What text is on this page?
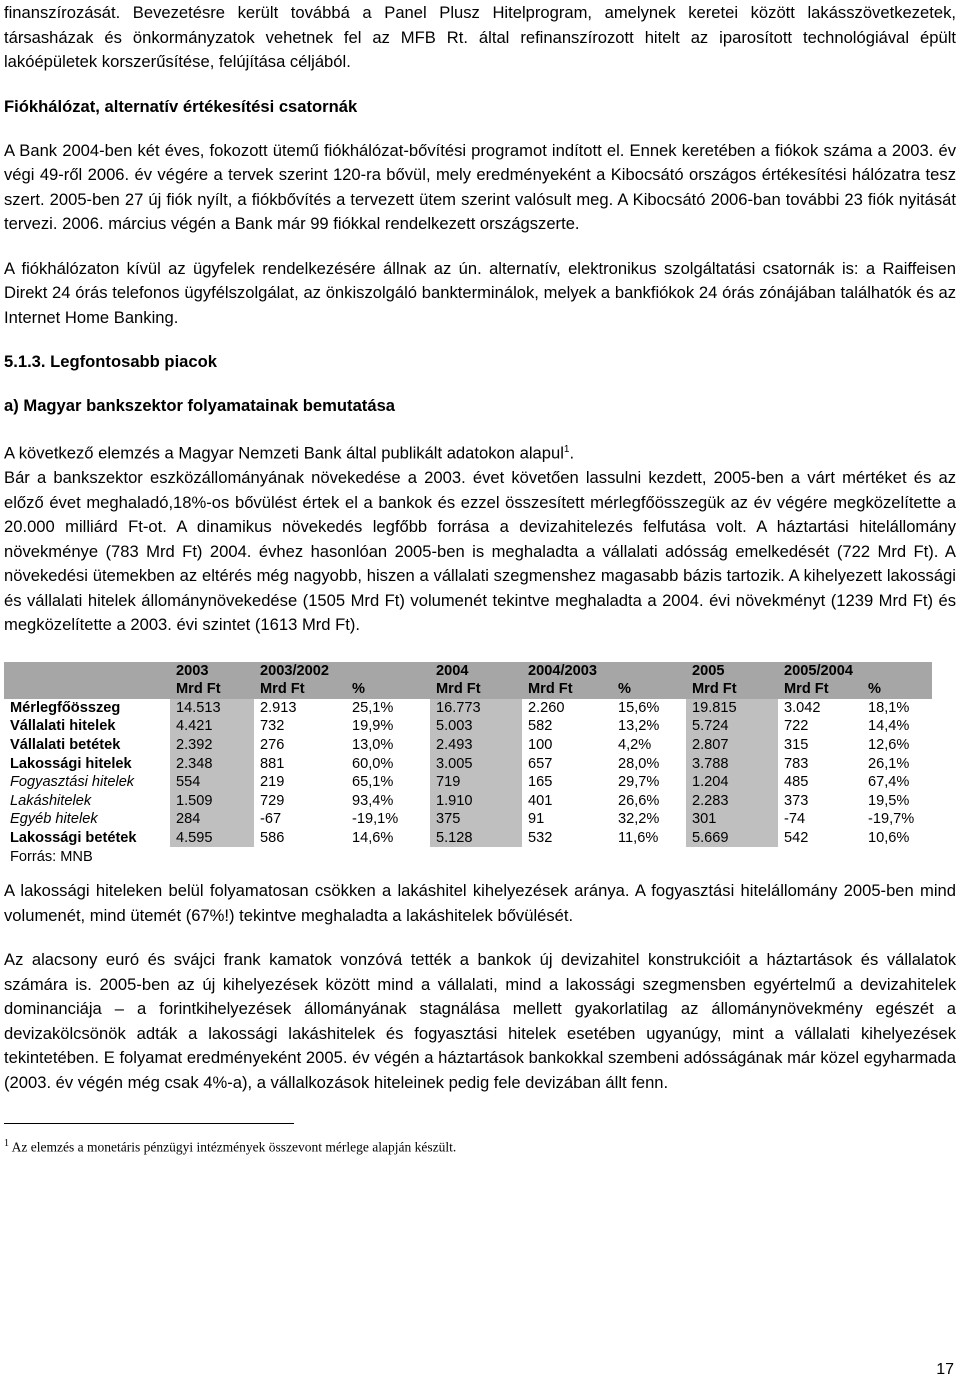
finanszírozását. Bevezetésre került továbbá a Panel Plusz Hitelprogram, amelynek keretei között lakásszövetkezetek, társasházak és önkormányzatok vehetnek fel az MFB Rt. által refinanszírozott hitelt az iparosított technológiával épült lakóépületek korszerűsítése, felújítása céljából.

Fiókhálózat, alternatív értékesítési csatornák

A Bank 2004-ben két éves, fokozott ütemű fiókhálózat-bővítési programot indított el. Ennek keretében a fiókok száma a 2003. év végi 49-ről 2006. év végére a tervek szerint 120-ra bővül, mely eredményeként a Kibocsátó országos értékesítési hálózatra tesz szert. 2005-ben 27 új fiók nyílt, a fiókbővítés a tervezett ütem szerint valósult meg. A Kibocsátó 2006-ban további 23 fiók nyitását tervezi. 2006. március végén a Bank már 99 fiókkal rendelkezett országszerte.

A fiókhálózaton kívül az ügyfelek rendelkezésére állnak az ún. alternatív, elektronikus szolgáltatási csatornák is: a Raiffeisen Direkt 24 órás telefonos ügyfélszolgálat, az önkiszolgáló bankterminálok, melyek a bankfiókok 24 órás zónájában találhatók és az Internet Home Banking.

5.1.3. Legfontosabb piacok
a) Magyar bankszektor folyamatainak bemutatása

A következő elemzés a Magyar Nemzeti Bank által publikált adatokon alapul$^1$.

Bár a bankszektor eszközállományának növekedése a 2003. évet követően lassulni kezdett, 2005-ben a várt mértéket és az előző évet meghaladó,18%-os bővülést értek el a bankok és ezzel összesített mérlegfőösszegük az év végére megközelítette a 20.000 milliárd Ft-ot. A dinamikus növekedés legfőbb forrása a devizahitelezés felfutása volt. A háztartási hitelállomány növekménye (783 Mrd Ft) 2004. évhez hasonlóan 2005-ben is meghaladta a vállalati adósság emelkedését (722 Mrd Ft). A növekedési ütemekben az eltérés még nagyobb, hiszen a vállalati szegmenshez magasabb bázis tartozik. A kihelyezett lakossági és vállalati hitelek állománynövekedése (1505 Mrd Ft) volumenét tekintve meghaladta a 2004. évi növekményt (1239 Mrd Ft) és megközelítette a 2003. évi szintet (1613 Mrd Ft).

	2003	2003/2002		2004	2004/2003		2005	2005/2004	
	Mrd Ft	Mrd Ft	%	Mrd Ft	Mrd Ft	%	Mrd Ft	Mrd Ft	%
Mérlegfőösszeg	14.513	2.913	25,1%	16.773	2.260	15,6%	19.815	3.042	18,1%
Vállalati hitelek	4.421	732	19,9%	5.003	582	13,2%	5.724	722	14,4%
Vállalati betétek	2.392	276	13,0%	2.493	100	4,2%	2.807	315	12,6%
Lakossági hitelek	2.348	881	60,0%	3.005	657	28,0%	3.788	783	26,1%
Fogyasztási hitelek	554	219	65,1%	719	165	29,7%	1.204	485	67,4%
Lakáshitelek	1.509	729	93,4%	1.910	401	26,6%	2.283	373	19,5%
Egyéb hitelek	284	-67	-19,1%	375	91	32,2%	301	-74	-19,7%
Lakossági betétek	4.595	586	14,6%	5.128	532	11,6%	5.669	542	10,6%
Forrás: MNB

A lakossági hiteleken belül folyamatosan csökken a lakáshitel kihelyezések aránya. A fogyasztási hitelállomány 2005-ben mind volumenét, mind ütemét (67%!) tekintve meghaladta a lakáshitelek bővülését.

Az alacsony euró és svájci frank kamatok vonzóvá tették a bankok új devizahitel konstrukcióit a háztartások és vállalatok számára is. 2005-ben az új kihelyezések között mind a vállalati, mind a lakossági szegmensben egyértelmű a devizahitelek dominanciája – a forintkihelyezések állományának stagnálása mellett gyakorlatilag az állománynövekmény egészét a devizakölcsönök adták a lakossági lakáshitelek és fogyasztási hitelek esetében ugyanúgy, mint a vállalati kihelyezések tekintetében. E folyamat eredményeként 2005. év végén a háztartások bankokkal szembeni adósságának már közel egyharmada (2003. év végén még csak 4%-a), a vállalkozások hiteleinek pedig fele devizában állt fenn.

$^1$ Az elemzés a monetáris pénzügyi intézmények összevont mérlege alapján készült.
17
